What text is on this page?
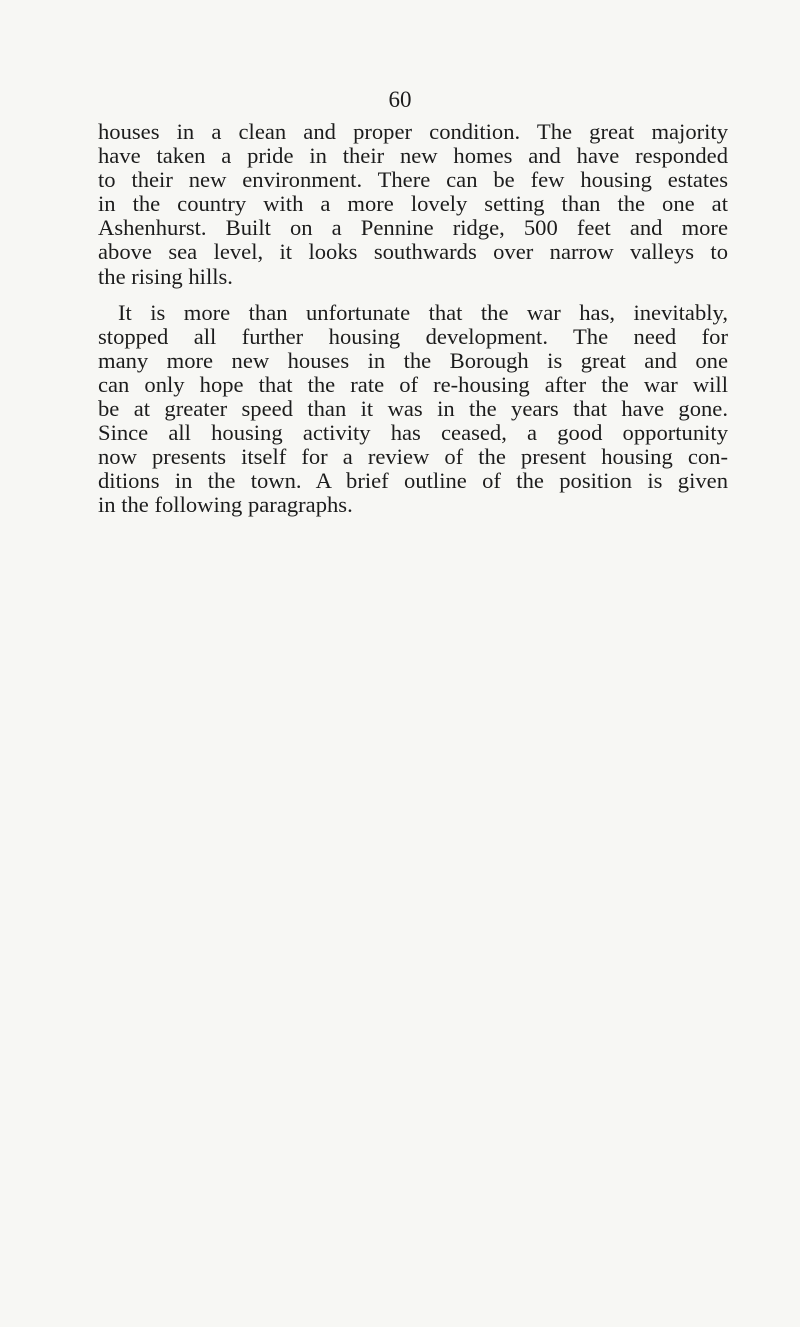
60
houses in a clean and proper condition. The great majority
have taken a pride in their new homes and have responded
to their new environment. There can be few housing estates
in the country with a more lovely setting than the one at
Ashenhurst. Built on a Pennine ridge, 500 feet and more
above sea level, it looks southwards over narrow valleys to
the rising hills.
It is more than unfortunate that the war has, inevitably,
stopped all further housing development. The need for
many more new houses in the Borough is great and one
can only hope that the rate of re-housing after the war will
be at greater speed than it was in the years that have gone.
Since all housing activity has ceased, a good opportunity
now presents itself for a review of the present housing con-
ditions in the town. A brief outline of the position is given
in the following paragraphs.
